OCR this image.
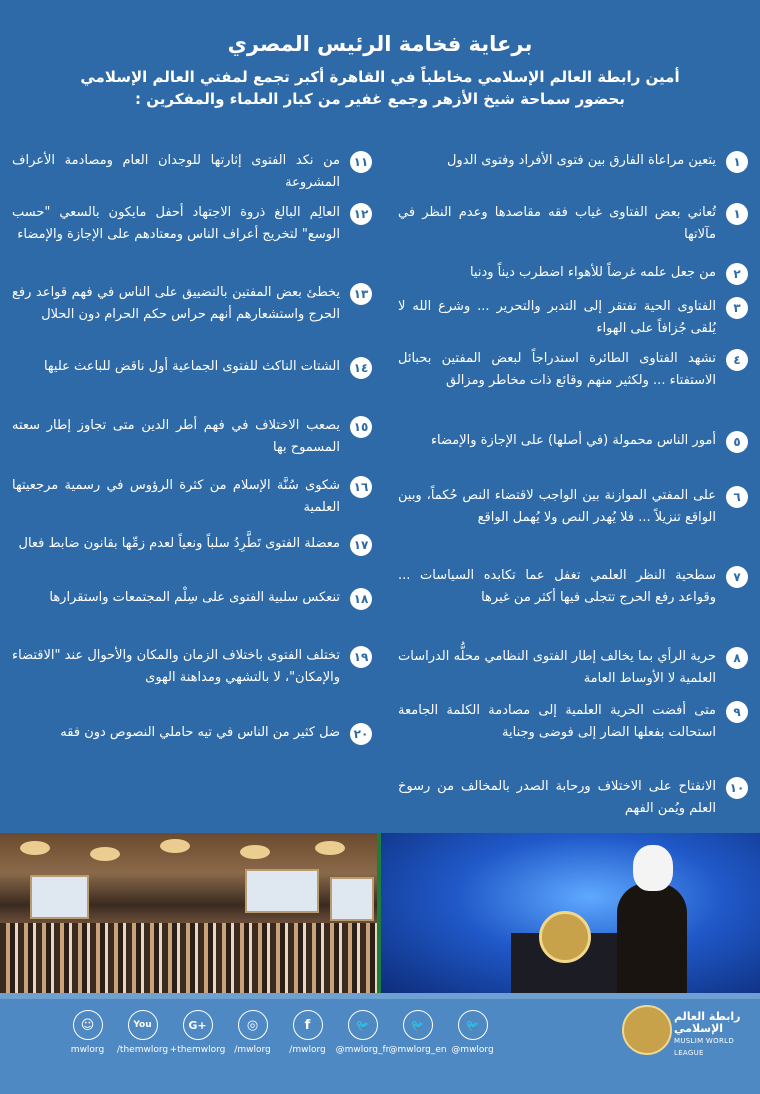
برعاية فخامة الرئيس المصري
أمين رابطة العالم الإسلامي مخاطباً في القاهرة أكبر تجمع لمفتي العالم الإسلامي
بحضور سماحة شيخ الأزهر وجمع غفير من كبار العلماء والمفكرين :
١
يتعين مراعاة الفارق بين فتوى الأفراد وفتوى الدول
١
تُعاني بعض الفتاوى غياب فقه مقاصدها وعدم النظر في مآلاتها
٢
من جعل علمه غرضاً للأهواء اضطرب ديناً ودنيا
٣
الفتاوى الحية تفتقر إلى التدبر والتحرير ... وشرع الله لا يُلقى جُزافاً على الهواء
٤
تشهد الفتاوى الطائرة استدراجاً لبعض المفتين بحبائل الاستفتاء ... ولكثير منهم وقائع ذات مخاطر ومزالق
٥
أمور الناس محمولة (في أصلها) على الإجازة والإمضاء
٦
على المفتي الموازنة بين الواجب لاقتضاء النص حُكماً، وبين الواقع تنزيلاً ... فلا يُهدر النص ولا يُهمل الواقع
٧
سطحية النظر العلمي تغفل عما تكابده السياسات ... وقواعد رفع الحرج تتجلى فيها أكثر من غيرها
٨
حرية الرأي بما يخالف إطار الفتوى النظامي محلُّه الدراسات العلمية لا الأوساط العامة
٩
متى أفضت الحرية العلمية إلى مصادمة الكلمة الجامعة استحالت بفعلها الضار إلى فوضى وجناية
١٠
الانفتاح على الاختلاف ورحابة الصدر بالمخالف من رسوخ العلم ويُمن الفهم
١١
من نكد الفتوى إثارتها للوجدان العام ومصادمة الأعراف المشروعة
١٢
العالِم البالغ ذروة الاجتهاد أحفل مايكون بالسعي "حسب الوسع" لتخريج أعراف الناس ومعتادهم على الإجازة والإمضاء
١٣
يخطئ بعض المفتين بالتضييق على الناس في فهم قواعد رفع الحرج واستشعارهم أنهم حراس حكم الحرام دون الحلال
١٤
الشتات الناكث للفتوى الجماعية أول ناقض للباعث عليها
١٥
يصعب الاختلاف في فهم أطر الدين متى تجاوز إطار سعته المسموح بها
١٦
شكوى سُنَّة الإسلام من كثرة الرؤوس في رسمية مرجعيتها العلمية
١٧
معضلة الفتوى تَطَّرِدُ سلباً ونعياً لعدم زمِّها بقانون ضابط فعال
١٨
تنعكس سلبية الفتوى على سِلْم المجتمعات واستقرارها
١٩
تختلف الفتوى باختلاف الزمان والمكان والأحوال عند "الاقتضاء والإمكان"، لا بالتشهي ومداهنة الهوى
٢٠
ضل كثير من الناس في تيه حاملي النصوص دون فقه
☺
mwlorg
You
/themwlorg
G+
+themwlorg
◎
/mwlorg
f
/mwlorg
🐦
@mwlorg_fr
🐦
@mwlorg_en
🐦
@mwlorg
رابطة العالم الإسلامي
MUSLIM WORLD LEAGUE
